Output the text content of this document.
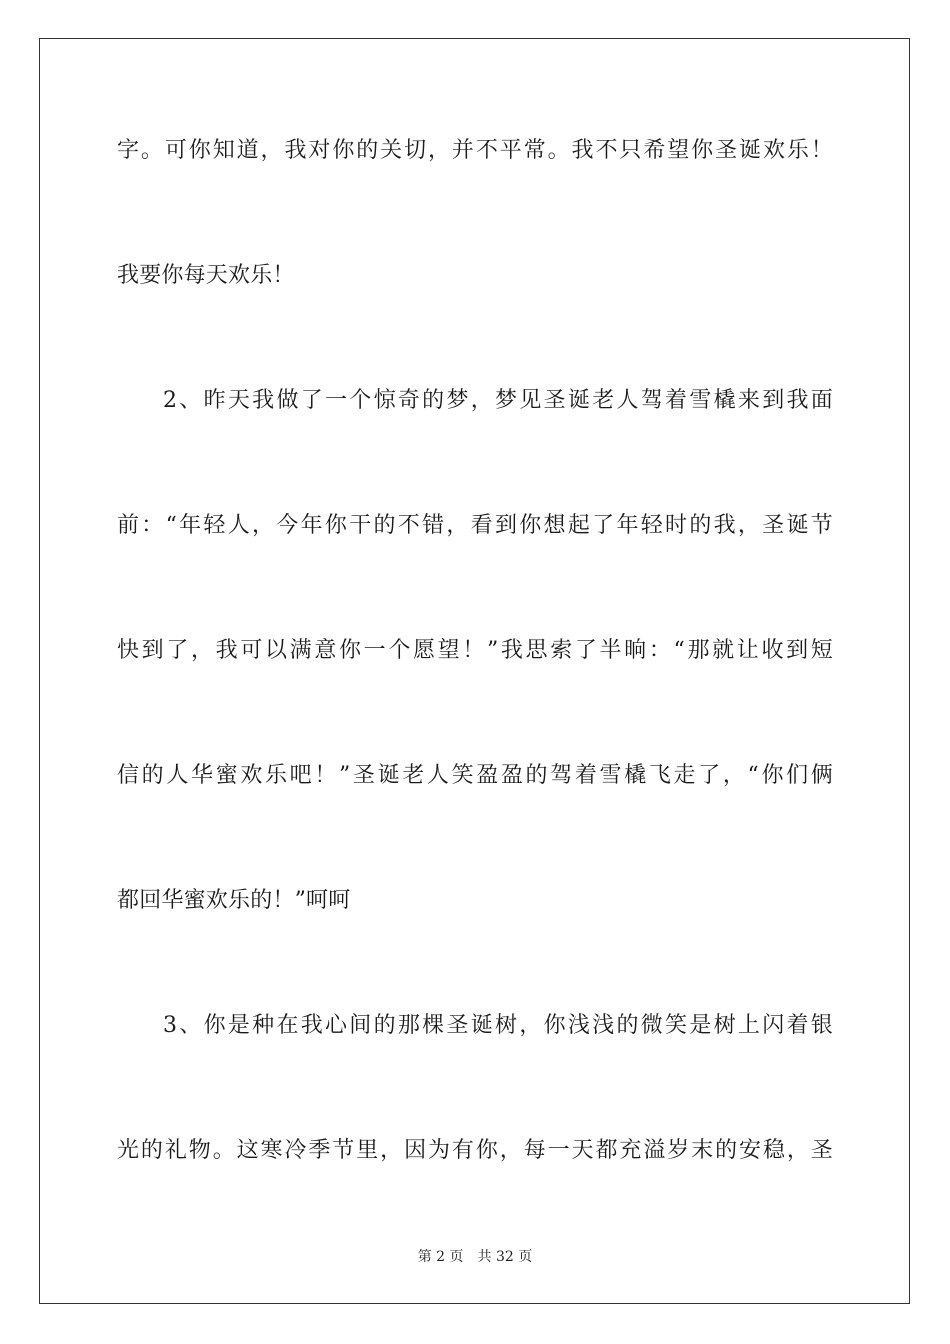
字。可你知道，我对你的关切，并不平常。我不只希望你圣诞欢乐！
我要你每天欢乐！
2、昨天我做了一个惊奇的梦，梦见圣诞老人驾着雪橇来到我面
前：“年轻人，今年你干的不错，看到你想起了年轻时的我，圣诞节
快到了，我可以满意你一个愿望！”我思索了半晌：“那就让收到短
信的人华蜜欢乐吧！”圣诞老人笑盈盈的驾着雪橇飞走了，“你们俩
都回华蜜欢乐的！”呵呵
3、你是种在我心间的那棵圣诞树，你浅浅的微笑是树上闪着银
光的礼物。这寒冷季节里，因为有你，每一天都充溢岁末的安稳，圣
第 2 页 共 32 页
